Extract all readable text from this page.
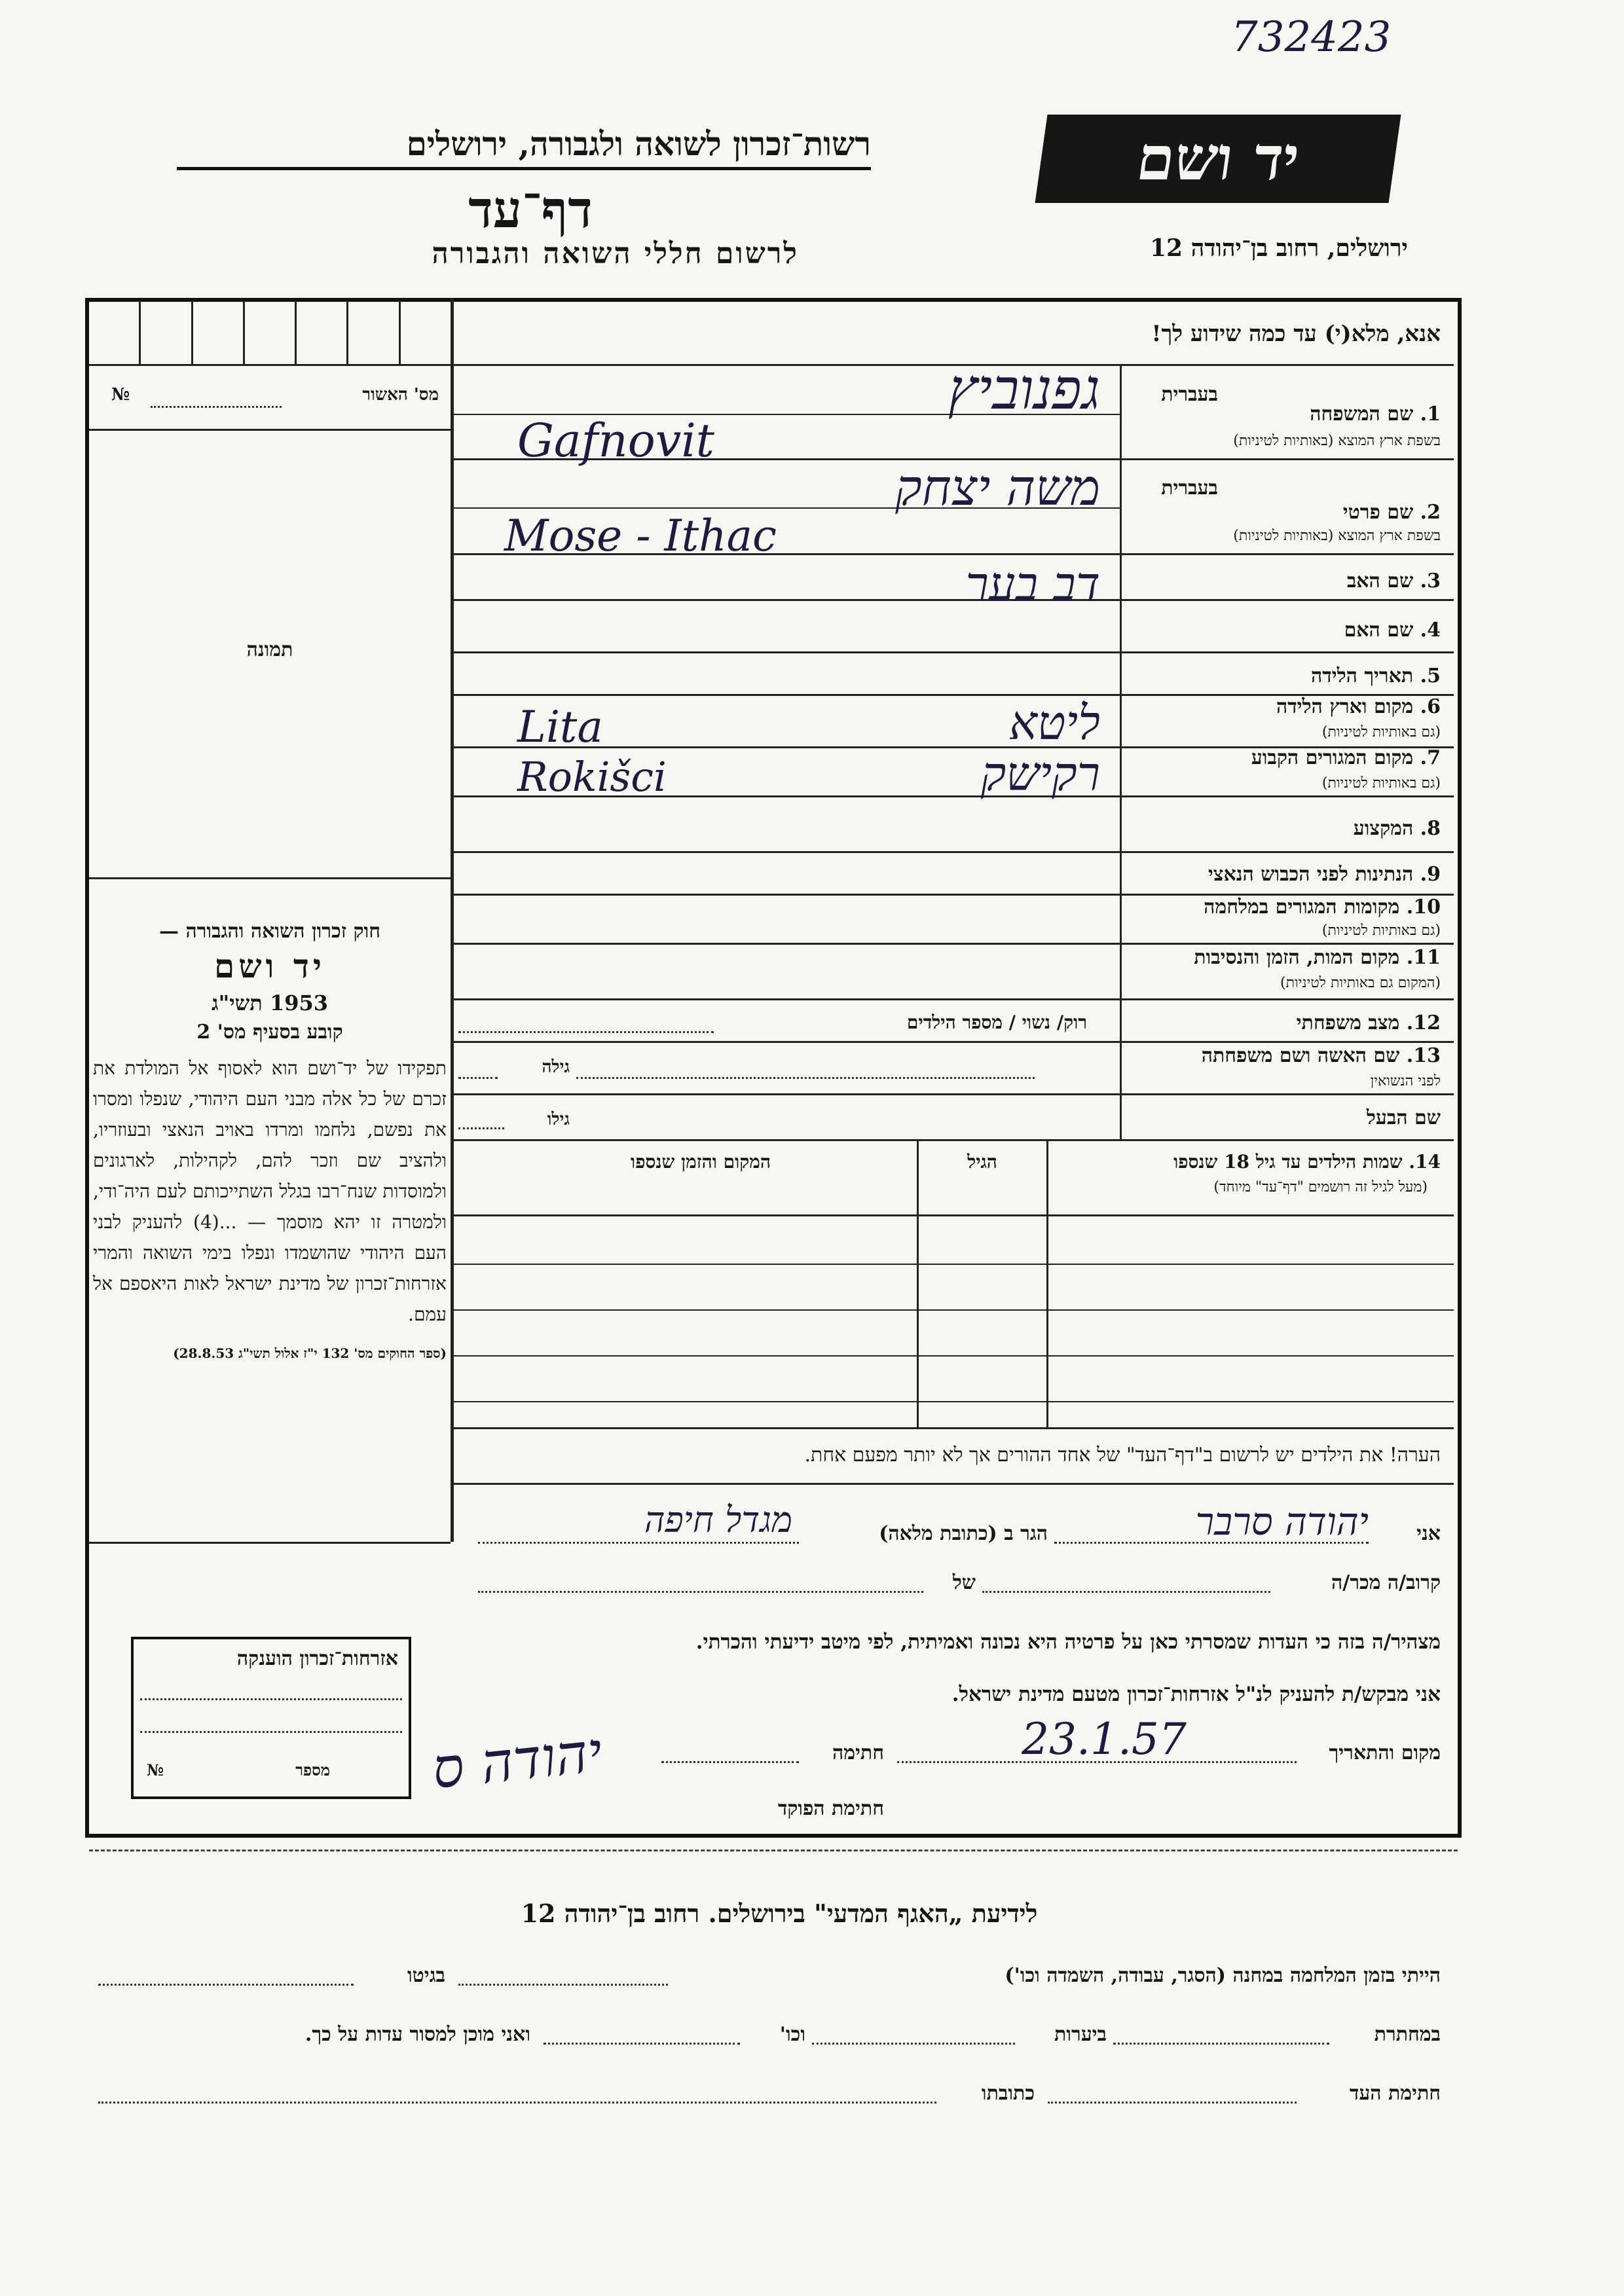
732423
רשות־זכרון לשואה ולגבורה, ירושלים
דף־עד
לרשום חללי השואה והגבורה
יד ושם
ירושלים, רחוב בן־יהודה 12
אנא, מלא(י) עד כמה שידוע לך!
מס' האשור
№
תמונה
חוק זכרון השואה והגבורה —
יד ושם
1953 תשי"ג
קובע בסעיף מס' 2
תפקידו של יד־ושם הוא לאסוף אל המולדת את זכרם של כל אלה מבני העם היהודי, שנפלו ומסרו את נפשם, נלחמו ומרדו באויב הנאצי ובעוזריו, ולהציב שם וזכר להם, לקהילות, לארגונים ולמוסדות שנח־רבו בגלל השתייכותם לעם היה־ודי, ולמטרה זו יהא מוסמך — ...(4) להעניק לבני העם היהודי שהושמדו ונפלו בימי השואה והמרי אזרחות־זכרון של מדינת ישראל לאות היאספם אל עמם.
(ספר החוקים מס' 132 י"ז אלול תשי"ג 28.8.53)
בעברית
1. שם המשפחה
בשפת ארץ המוצא (באותיות לטיניות)
בעברית
2. שם פרטי
בשפת ארץ המוצא (באותיות לטיניות)
3. שם האב
4. שם האם
5. תאריך הלידה
6. מקום וארץ הלידה
(גם באותיות לטיניות)
7. מקום המגורים הקבוע
(גם באותיות לטיניות)
8. המקצוע
9. הנתינות לפני הכבוש הנאצי
10. מקומות המגורים במלחמה
(גם באותיות לטיניות)
11. מקום המות, הזמן והנסיבות
(המקום גם באותיות לטיניות)
12. מצב משפחתי
13. שם האשה ושם משפחתה
לפני הנשואין
שם הבעל
רוק/ נשוי / מספר הילדים
גילה
גילו
14. שמות הילדים עד גיל 18 שנספו
(מעל לגיל זה רושמים "דף־עד" מיוחד)
הגיל
המקום והזמן שנספו
הערה! את הילדים יש לרשום ב"דף־העד" של אחד ההורים אך לא יותר מפעם אחת.
גפנוביץ
Gafnovit
משה יצחק
Mose - Ithac
דב בער
ליטא
Lita
רקישק
Rokišci
אני
יהודה סרבר
הגר ב (כתובת מלאה)
מגדל חיפה
קרוב/ה מכר/ה
של
מצהיר/ה בזה כי העדות שמסרתי כאן על פרטיה היא נכונה ואמיתית, לפי מיטב ידיעתי והכרתי.
אני מבקש/ת להעניק לנ"ל אזרחות־זכרון מטעם מדינת ישראל.
מקום והתאריך
23.1.57
חתימה
יהודה ס
חתימת הפוקד
אזרחות־זכרון הוענקה
מספר
№
לידיעת „האגף המדעי" בירושלים. רחוב בן־יהודה 12
הייתי בזמן המלחמה במחנה (הסגר, עבודה, השמדה וכו')
בגיטו
במחתרת
ביערות
וכו'
ואני מוכן למסור עדות על כך.
חתימת העד
כתובתו
